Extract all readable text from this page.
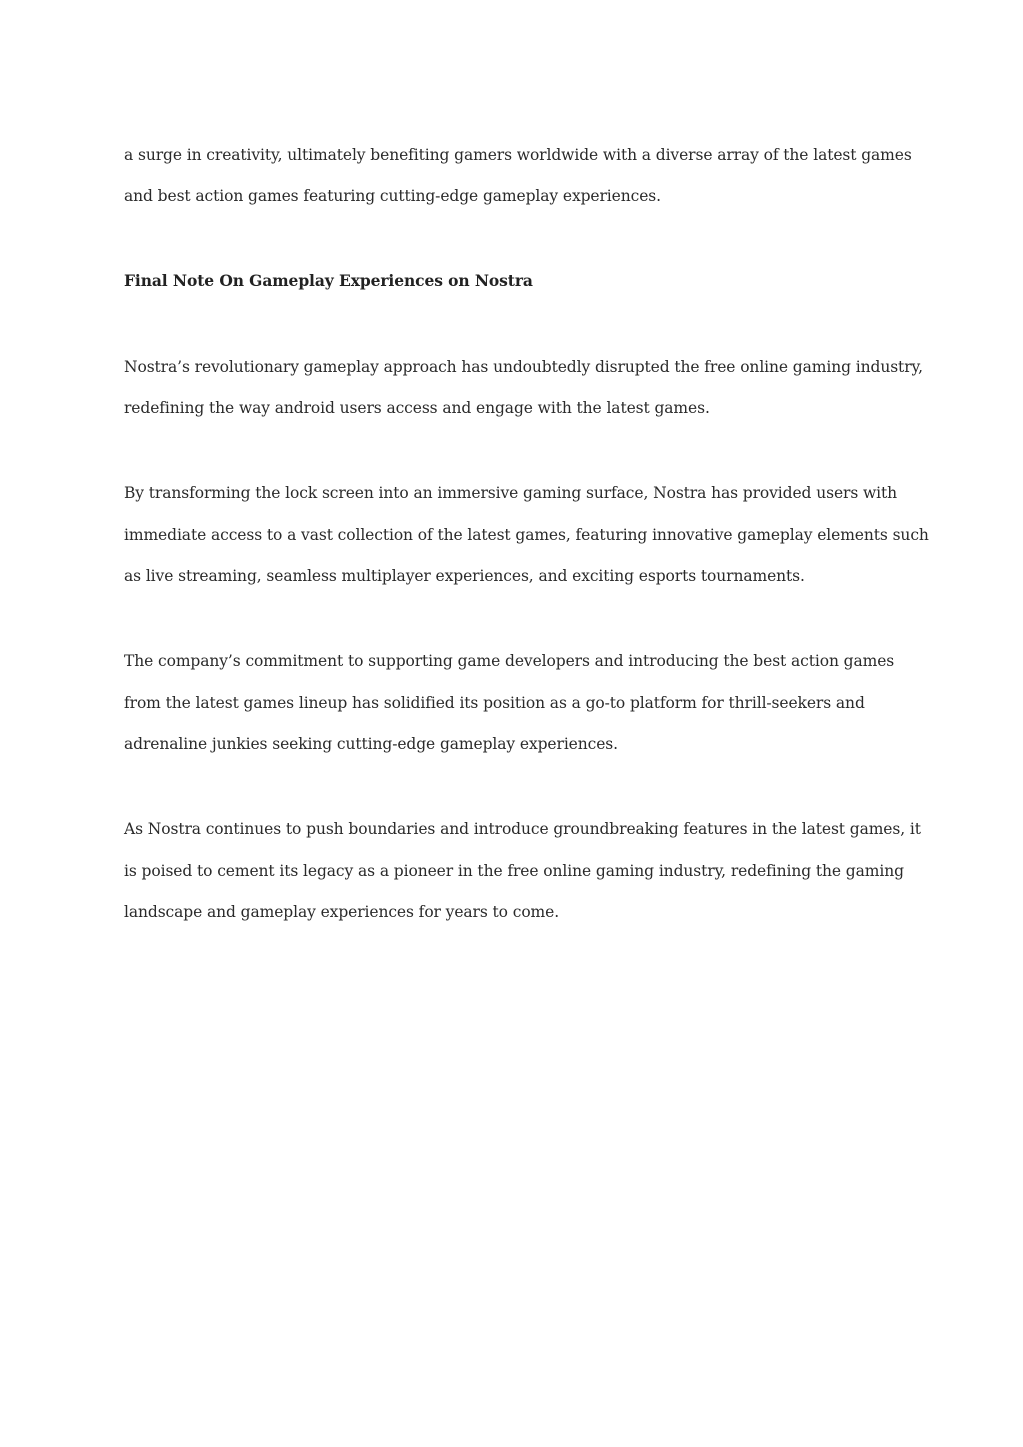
a surge in creativity, ultimately benefiting gamers worldwide with a diverse array of the latest games
and best action games featuring cutting-edge gameplay experiences.
Final Note On Gameplay Experiences on Nostra
Nostra’s revolutionary gameplay approach has undoubtedly disrupted the free online gaming industry,
redefining the way android users access and engage with the latest games.
By transforming the lock screen into an immersive gaming surface, Nostra has provided users with
immediate access to a vast collection of the latest games, featuring innovative gameplay elements such
as live streaming, seamless multiplayer experiences, and exciting esports tournaments.
The company’s commitment to supporting game developers and introducing the best action games
from the latest games lineup has solidified its position as a go-to platform for thrill-seekers and
adrenaline junkies seeking cutting-edge gameplay experiences.
As Nostra continues to push boundaries and introduce groundbreaking features in the latest games, it
is poised to cement its legacy as a pioneer in the free online gaming industry, redefining the gaming
landscape and gameplay experiences for years to come.
